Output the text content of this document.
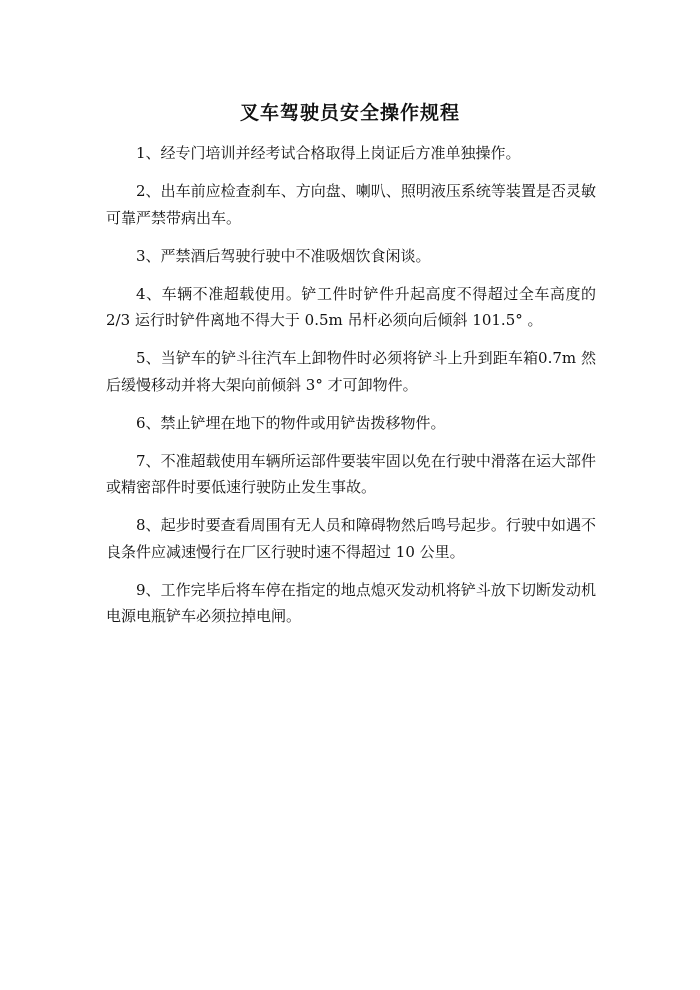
叉车驾驶员安全操作规程

1、经专门培训并经考试合格取得上岗证后方准单独操作。

2、出车前应检查刹车、方向盘、喇叭、照明液压系统等装置是否灵敏可靠严禁带病出车。

3、严禁酒后驾驶行驶中不准吸烟饮食闲谈。

4、车辆不准超载使用。铲工件时铲件升起高度不得超过全车高度的 2/3 运行时铲件离地不得大于 0.5m 吊杆必须向后倾斜 101.5° 。

5、当铲车的铲斗往汽车上卸物件时必须将铲斗上升到距车箱0.7m 然后缓慢移动并将大架向前倾斜 3° 才可卸物件。

6、禁止铲埋在地下的物件或用铲齿拨移物件。

7、不准超载使用车辆所运部件要装牢固以免在行驶中滑落在运大部件或精密部件时要低速行驶防止发生事故。

8、起步时要查看周围有无人员和障碍物然后鸣号起步。行驶中如遇不良条件应减速慢行在厂区行驶时速不得超过 10 公里。

9、工作完毕后将车停在指定的地点熄灭发动机将铲斗放下切断发动机电源电瓶铲车必须拉掉电闸。
